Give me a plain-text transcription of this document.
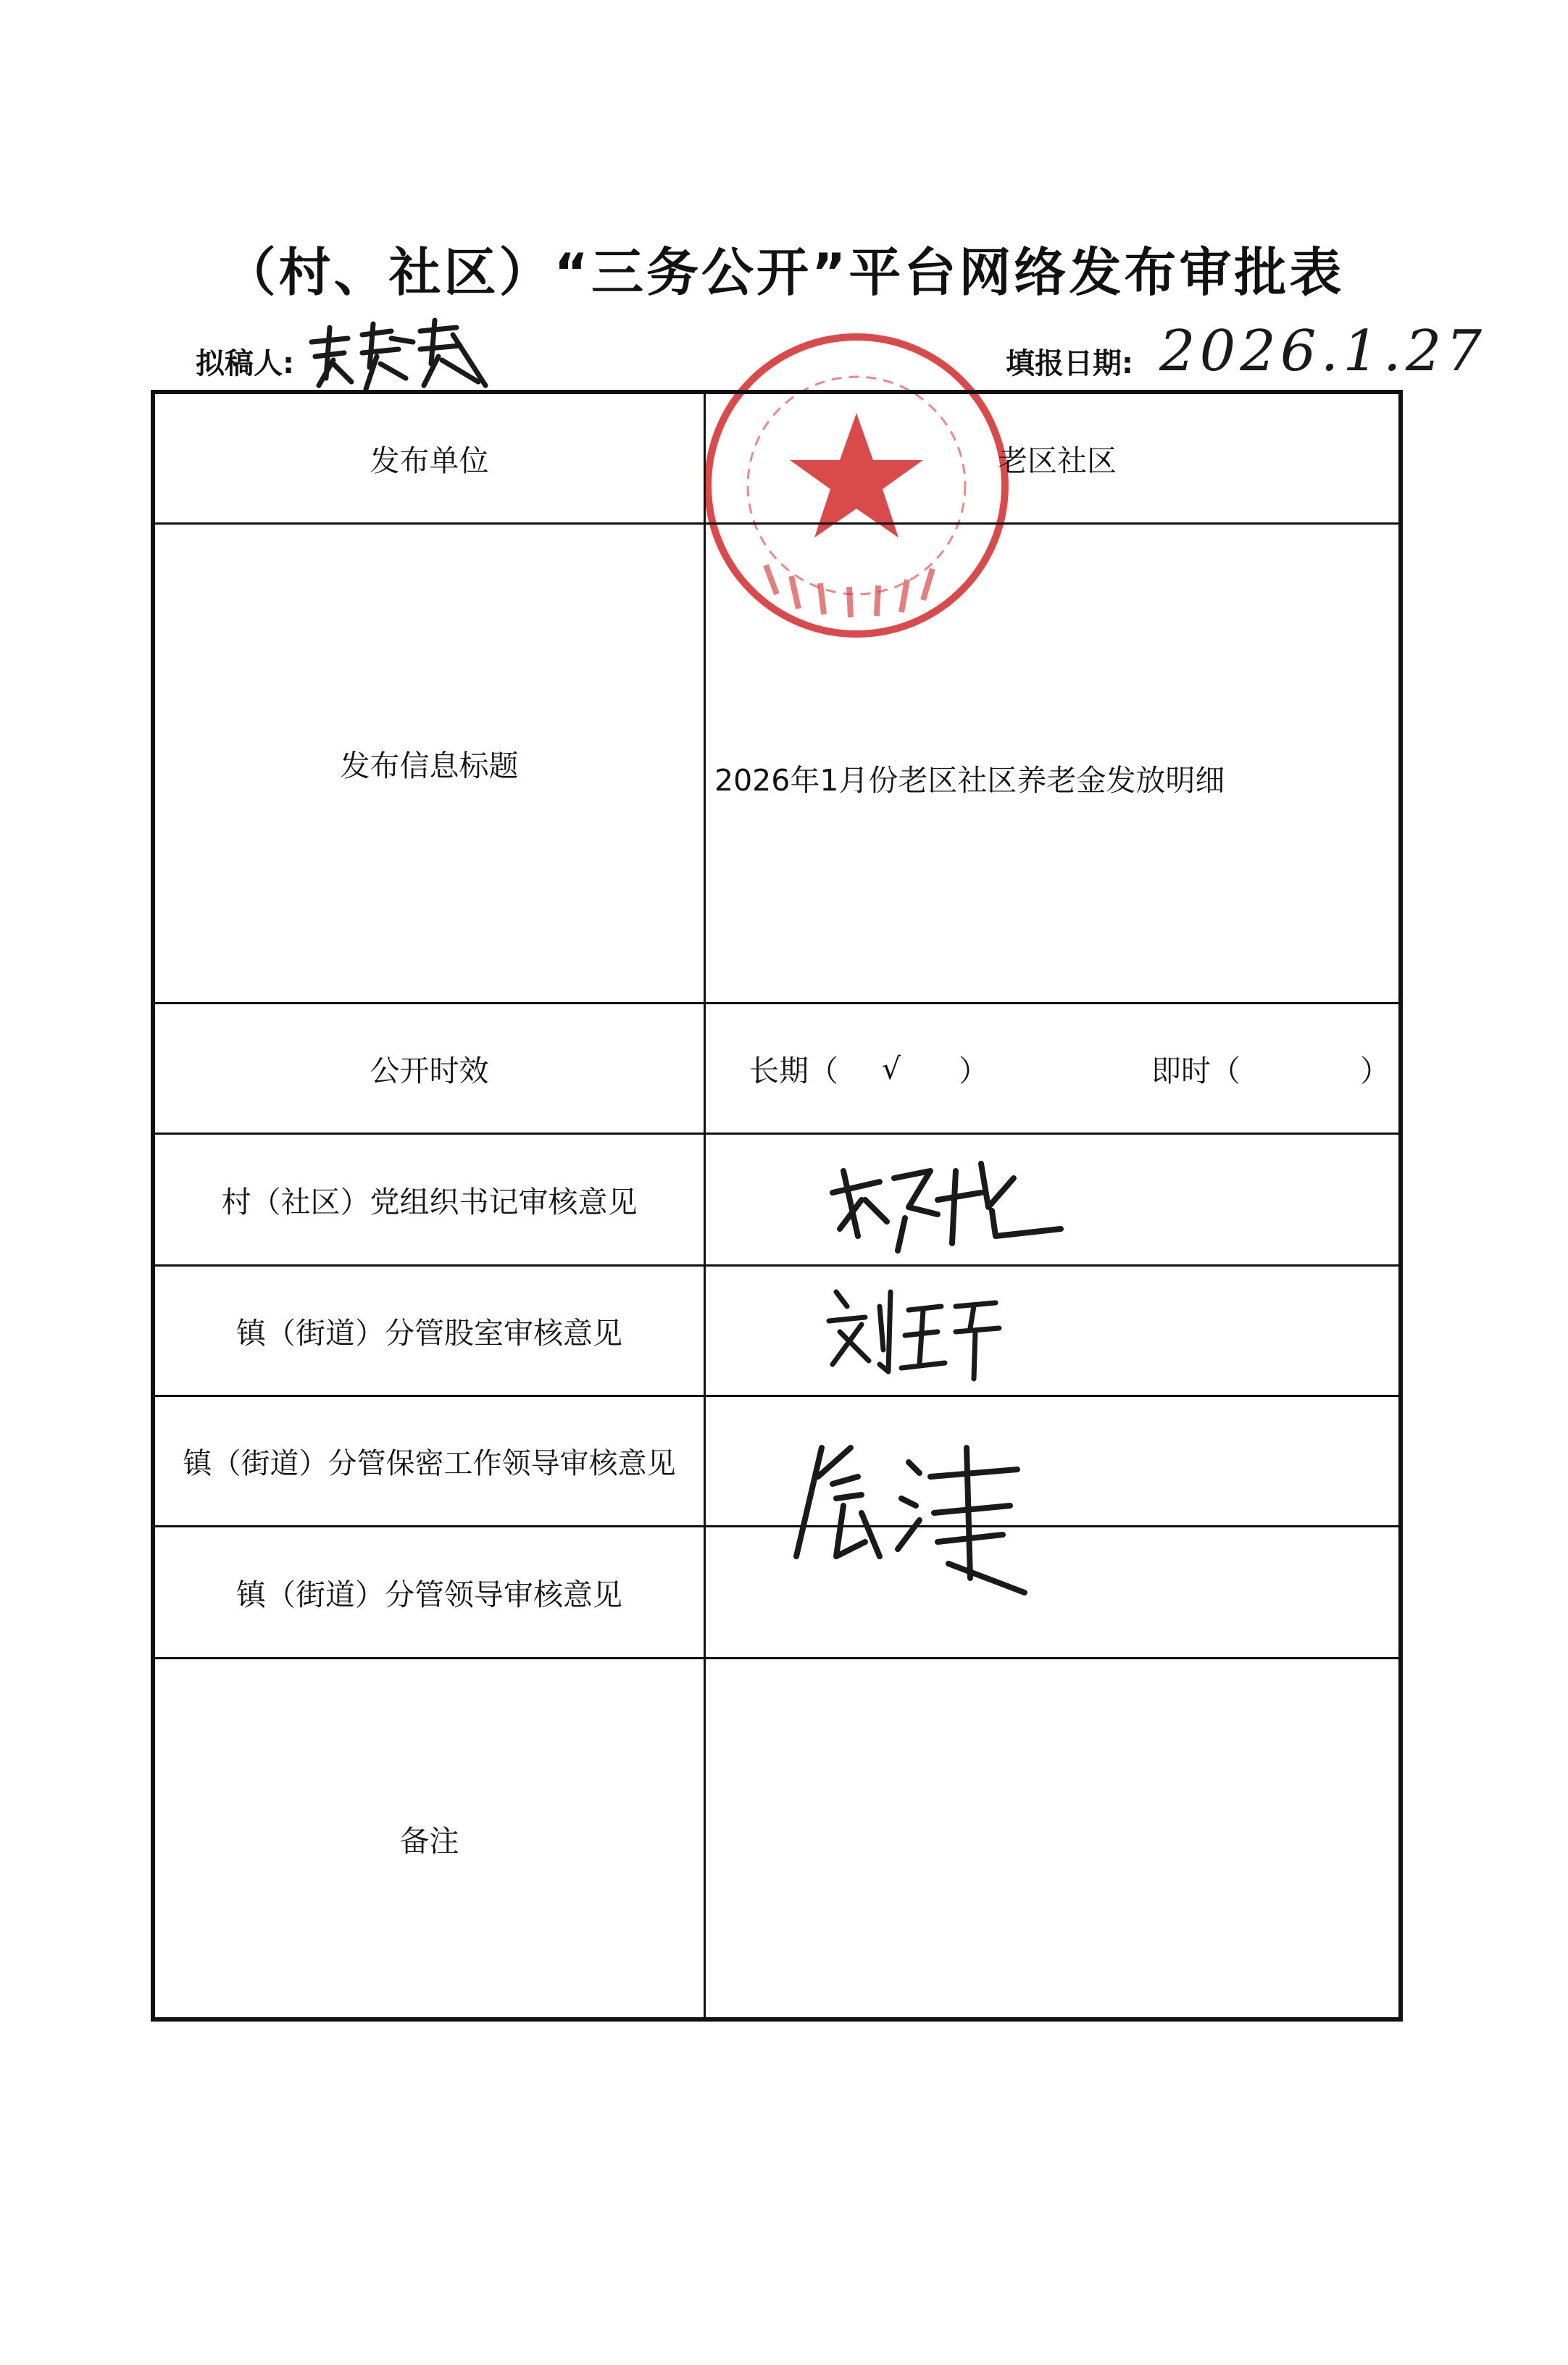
（村、社区）“三务公开”平台网络发布审批表
拟稿人:	填报日期: 2026.1.27
发布单位	老区社区
发布信息标题	2026年1月份老区社区养老金发放明细
公开时效	长期（ √ ）	即时（	）
村（社区）党组织书记审核意见
镇（街道）分管股室审核意见
镇（街道）分管保密工作领导审核意见
镇（街道）分管领导审核意见
备注
